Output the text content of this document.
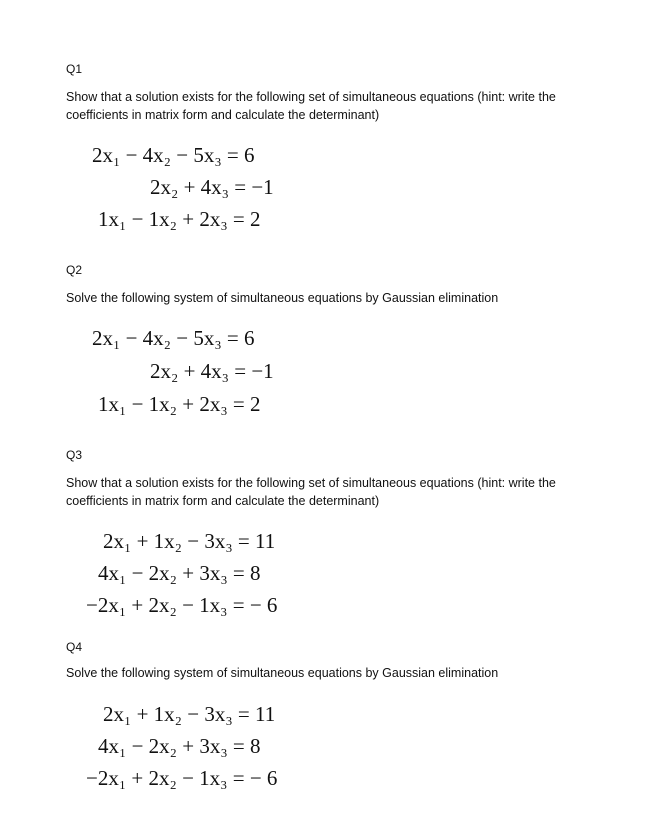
Q1
Show that a solution exists for the following set of simultaneous equations (hint: write the coefficients in matrix form and calculate the determinant)
2x₁ − 4x₂ − 5x₃ = 6
2x₂ + 4x₃ = −1
1x₁ − 1x₂ + 2x₃ = 2
Q2
Solve the following system of simultaneous equations by Gaussian elimination
2x₁ − 4x₂ − 5x₃ = 6
2x₂ + 4x₃ = −1
1x₁ − 1x₂ + 2x₃ = 2
Q3
Show that a solution exists for the following set of simultaneous equations (hint: write the coefficients in matrix form and calculate the determinant)
2x₁ + 1x₂ − 3x₃ = 11
4x₁ − 2x₂ + 3x₃ = 8
−2x₁ + 2x₂ − 1x₃ = − 6
Q4
Solve the following system of simultaneous equations by Gaussian elimination
2x₁ + 1x₂ − 3x₃ = 11
4x₁ − 2x₂ + 3x₃ = 8
−2x₁ + 2x₂ − 1x₃ = − 6
